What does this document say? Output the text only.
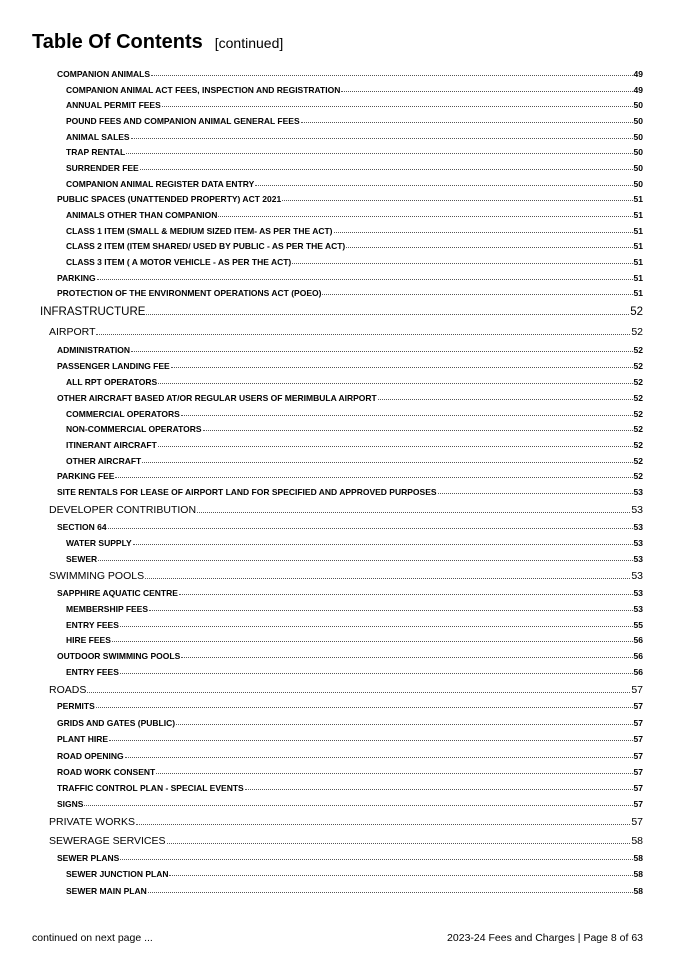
Table Of Contents [continued]
COMPANION ANIMALS	49
COMPANION ANIMAL ACT FEES, INSPECTION AND REGISTRATION	49
ANNUAL PERMIT FEES	50
POUND FEES AND COMPANION ANIMAL GENERAL FEES	50
ANIMAL SALES	50
TRAP RENTAL	50
SURRENDER FEE	50
COMPANION ANIMAL REGISTER DATA ENTRY	50
PUBLIC SPACES (UNATTENDED PROPERTY) ACT 2021	51
ANIMALS OTHER THAN COMPANION	51
CLASS 1 ITEM (SMALL & MEDIUM SIZED ITEM- AS PER THE ACT)	51
CLASS 2 ITEM (ITEM SHARED/ USED BY PUBLIC - AS PER THE ACT)	51
CLASS 3 ITEM ( A MOTOR VEHICLE - AS PER THE ACT)	51
PARKING	51
PROTECTION OF THE ENVIRONMENT OPERATIONS ACT (POEO)	51
INFRASTRUCTURE	52
AIRPORT	52
ADMINISTRATION	52
PASSENGER LANDING FEE	52
ALL RPT OPERATORS	52
OTHER AIRCRAFT BASED AT/OR REGULAR USERS OF MERIMBULA AIRPORT	52
COMMERCIAL OPERATORS	52
NON-COMMERCIAL OPERATORS	52
ITINERANT AIRCRAFT	52
OTHER AIRCRAFT	52
PARKING FEE	52
SITE RENTALS FOR LEASE OF AIRPORT LAND FOR SPECIFIED AND APPROVED PURPOSES	53
DEVELOPER CONTRIBUTION	53
SECTION 64	53
WATER SUPPLY	53
SEWER	53
SWIMMING POOLS	53
SAPPHIRE AQUATIC CENTRE	53
MEMBERSHIP FEES	53
ENTRY FEES	55
HIRE FEES	56
OUTDOOR SWIMMING POOLS	56
ENTRY FEES	56
ROADS	57
PERMITS	57
GRIDS AND GATES (PUBLIC)	57
PLANT HIRE	57
ROAD OPENING	57
ROAD WORK CONSENT	57
TRAFFIC CONTROL PLAN - SPECIAL EVENTS	57
SIGNS	57
PRIVATE WORKS	57
SEWERAGE SERVICES	58
SEWER PLANS	58
SEWER JUNCTION PLAN	58
SEWER MAIN PLAN	58
continued on next page ...	2023-24 Fees and Charges | Page 8 of 63
